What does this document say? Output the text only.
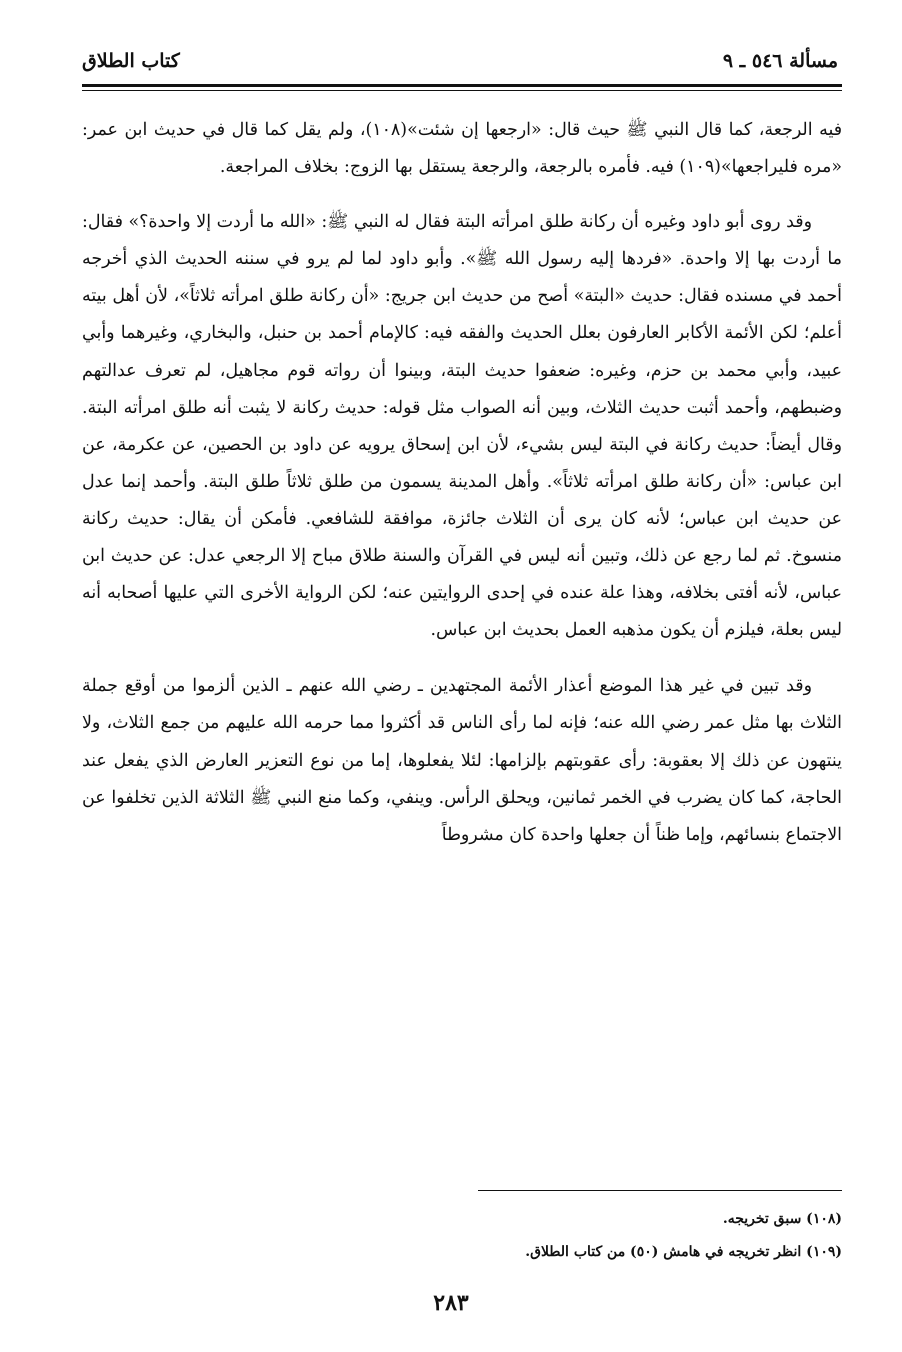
مسألة ٥٤٦ ـ ٩
كتاب الطلاق

فيه الرجعة، كما قال النبي ﷺ حيث قال: «ارجعها إن شئت»(١٠٨)، ولم يقل كما قال في حديث ابن عمر: «مره فليراجعها»(١٠٩) فيه. فأمره بالرجعة، والرجعة يستقل بها الزوج: بخلاف المراجعة.

وقد روى أبو داود وغيره أن ركانة طلق امرأته البتة فقال له النبي ﷺ: «الله ما أردت إلا واحدة؟» فقال: ما أردت بها إلا واحدة. «فردها إليه رسول الله ﷺ». وأبو داود لما لم يرو في سننه الحديث الذي أخرجه أحمد في مسنده فقال: حديث «البتة» أصح من حديث ابن جريج: «أن ركانة طلق امرأته ثلاثاً»، لأن أهل بيته أعلم؛ لكن الأئمة الأكابر العارفون بعلل الحديث والفقه فيه: كالإمام أحمد بن حنبل، والبخاري، وغيرهما وأبي عبيد، وأبي محمد بن حزم، وغيره: ضعفوا حديث البتة، وبينوا أن رواته قوم مجاهيل، لم تعرف عدالتهم وضبطهم، وأحمد أثبت حديث الثلاث، وبين أنه الصواب مثل قوله: حديث ركانة لا يثبت أنه طلق امرأته البتة. وقال أيضاً: حديث ركانة في البتة ليس بشيء، لأن ابن إسحاق يرويه عن داود بن الحصين، عن عكرمة، عن ابن عباس: «أن ركانة طلق امرأته ثلاثاً». وأهل المدينة يسمون من طلق ثلاثاً طلق البتة. وأحمد إنما عدل عن حديث ابن عباس؛ لأنه كان يرى أن الثلاث جائزة، موافقة للشافعي. فأمكن أن يقال: حديث ركانة منسوخ. ثم لما رجع عن ذلك، وتبين أنه ليس في القرآن والسنة طلاق مباح إلا الرجعي عدل: عن حديث ابن عباس، لأنه أفتى بخلافه، وهذا علة عنده في إحدى الروايتين عنه؛ لكن الرواية الأخرى التي عليها أصحابه أنه ليس بعلة، فيلزم أن يكون مذهبه العمل بحديث ابن عباس.

وقد تبين في غير هذا الموضع أعذار الأئمة المجتهدين ـ رضي الله عنهم ـ الذين ألزموا من أوقع جملة الثلاث بها مثل عمر رضي الله عنه؛ فإنه لما رأى الناس قد أكثروا مما حرمه الله عليهم من جمع الثلاث، ولا ينتهون عن ذلك إلا بعقوبة: رأى عقوبتهم بإلزامها: لئلا يفعلوها، إما من نوع التعزير العارض الذي يفعل عند الحاجة، كما كان يضرب في الخمر ثمانين، ويحلق الرأس. وينفي، وكما منع النبي ﷺ الثلاثة الذين تخلفوا عن الاجتماع بنسائهم، وإما ظناً أن جعلها واحدة كان مشروطاً

(١٠٨) سبق تخريجه.
(١٠٩) انظر تخريجه في هامش (٥٠) من كتاب الطلاق.
٢٨٣
